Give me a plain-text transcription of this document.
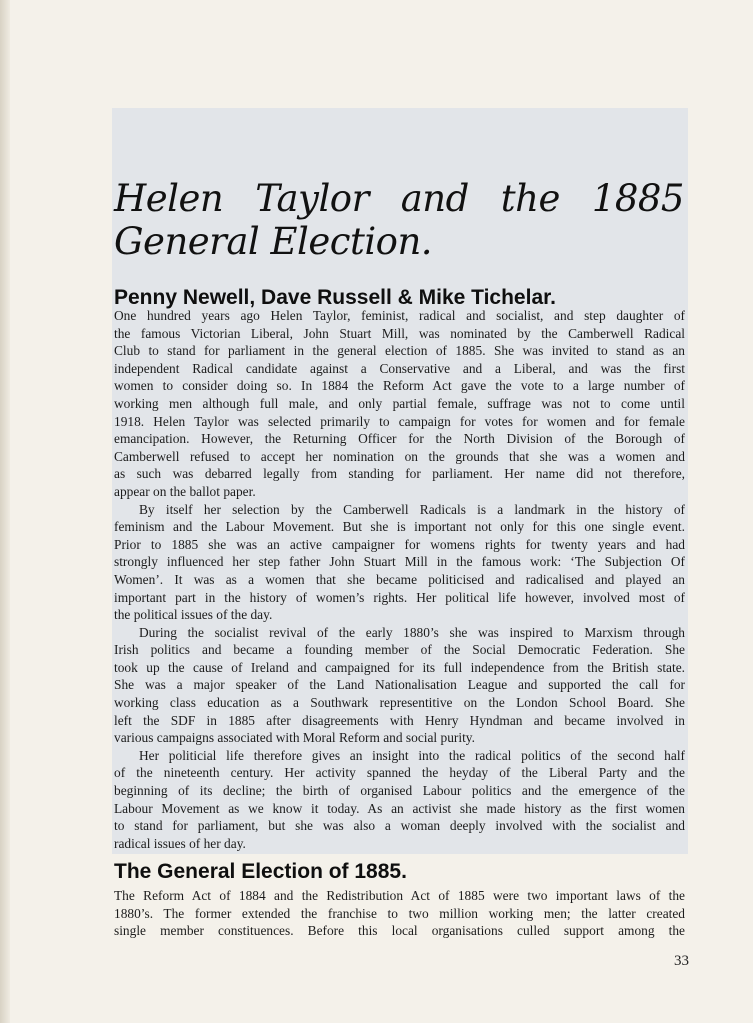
Helen Taylor and the 1885
General Election.
Penny Newell, Dave Russell & Mike Tichelar.

One hundred years ago Helen Taylor, feminist, radical and socialist, and step daughter of

the famous Victorian Liberal, John Stuart Mill, was nominated by the Camberwell Radical

Club to stand for parliament in the general election of 1885. She was invited to stand as an

independent Radical candidate against a Conservative and a Liberal, and was the first

women to consider doing so. In 1884 the Reform Act gave the vote to a large number of

working men although full male, and only partial female, suffrage was not to come until

1918. Helen Taylor was selected primarily to campaign for votes for women and for female

emancipation. However, the Returning Officer for the North Division of the Borough of

Camberwell refused to accept her nomination on the grounds that she was a women and

as such was debarred legally from standing for parliament. Her name did not therefore,

appear on the ballot paper.

By itself her selection by the Camberwell Radicals is a landmark in the history of

feminism and the Labour Movement. But she is important not only for this one single event.

Prior to 1885 she was an active campaigner for womens rights for twenty years and had

strongly influenced her step father John Stuart Mill in the famous work: ‘The Subjection Of

Women’. It was as a women that she became politicised and radicalised and played an

important part in the history of women’s rights. Her political life however, involved most of

the political issues of the day.

During the socialist revival of the early 1880’s she was inspired to Marxism through

Irish politics and became a founding member of the Social Democratic Federation. She

took up the cause of Ireland and campaigned for its full independence from the British state.

She was a major speaker of the Land Nationalisation League and supported the call for

working class education as a Southwark representitive on the London School Board. She

left the SDF in 1885 after disagreements with Henry Hyndman and became involved in

various campaigns associated with Moral Reform and social purity.

Her politicial life therefore gives an insight into the radical politics of the second half

of the nineteenth century. Her activity spanned the heyday of the Liberal Party and the

beginning of its decline; the birth of organised Labour politics and the emergence of the

Labour Movement as we know it today. As an activist she made history as the first women

to stand for parliament, but she was also a woman deeply involved with the socialist and

radical issues of her day.

The General Election of 1885.

The Reform Act of 1884 and the Redistribution Act of 1885 were two important laws of the

1880’s. The former extended the franchise to two million working men; the latter created

single member constituences. Before this local organisations culled support among the

33
